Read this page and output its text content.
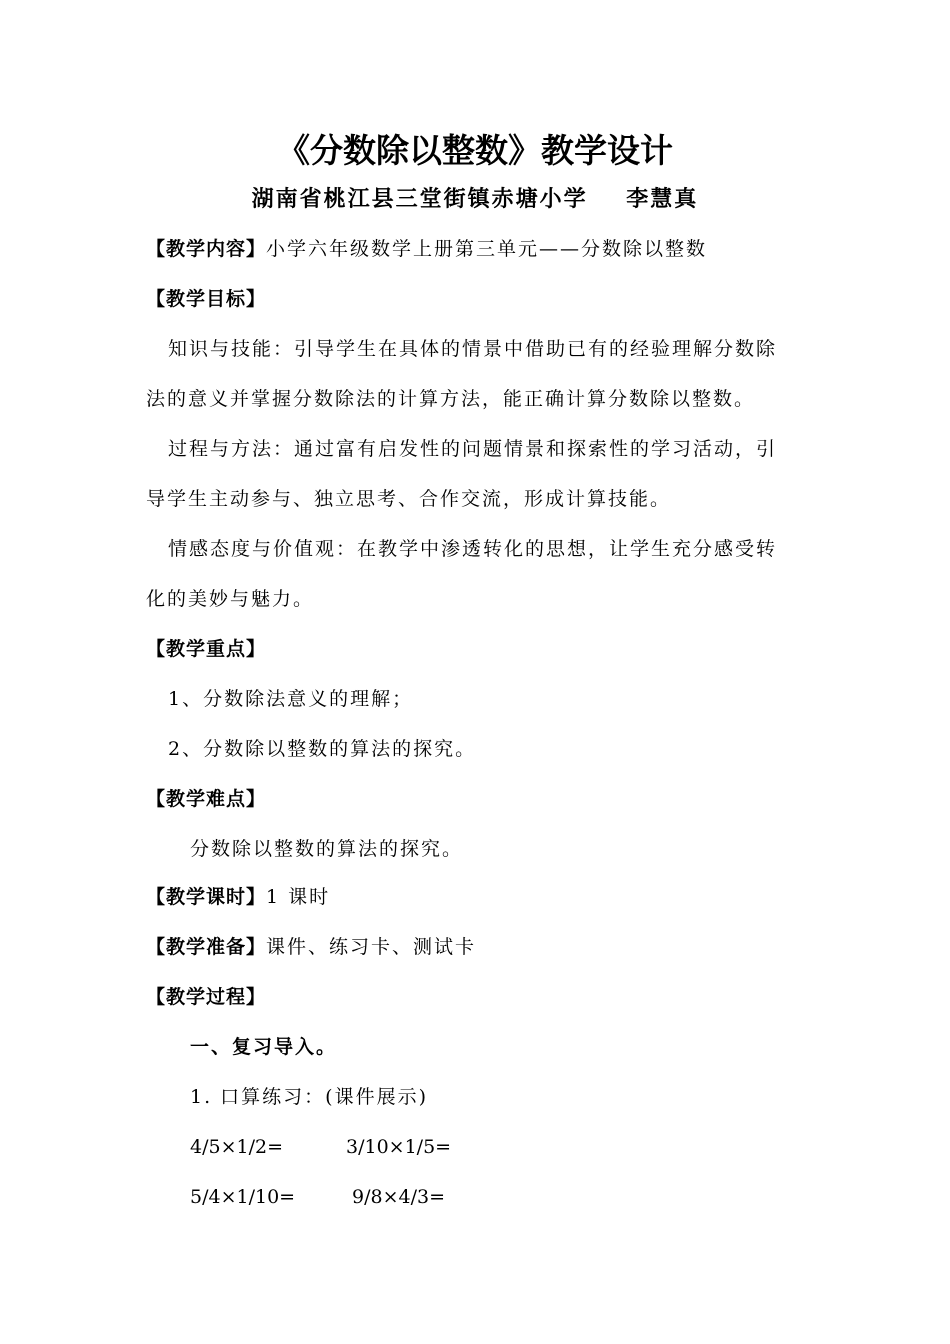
《分数除以整数》教学设计
湖南省桃江县三堂街镇赤塘小学    李慧真
【教学内容】小学六年级数学上册第三单元——分数除以整数
【教学目标】
知识与技能：引导学生在具体的情景中借助已有的经验理解分数除
法的意义并掌握分数除法的计算方法，能正确计算分数除以整数。
过程与方法：通过富有启发性的问题情景和探索性的学习活动，引
导学生主动参与、独立思考、合作交流，形成计算技能。
情感态度与价值观：在教学中渗透转化的思想，让学生充分感受转
化的美妙与魅力。
【教学重点】
1、分数除法意义的理解；
2、分数除以整数的算法的探究。
【教学难点】
分数除以整数的算法的探究。
【教学课时】1 课时
【教学准备】课件、练习卡、测试卡
【教学过程】
一、复习导入。
1. 口算练习：(课件展示)
4/5×1/2=	3/10×1/5=
5/4×1/10=	9/8×4/3=
